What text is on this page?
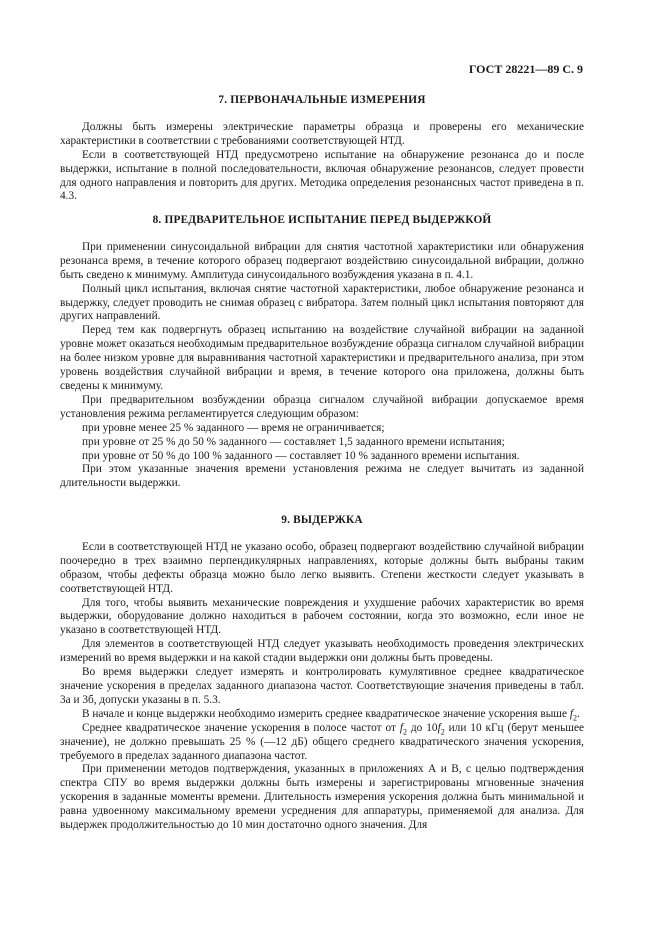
ГОСТ 28221—89 С. 9
7. ПЕРВОНАЧАЛЬНЫЕ ИЗМЕРЕНИЯ

Должны быть измерены электрические параметры образца и проверены его механические характеристики в соответствии с требованиями соответствующей НТД.

Если в соответствующей НТД предусмотрено испытание на обнаружение резонанса до и после выдержки, испытание в полной последовательности, включая обнаружение резонансов, следует провести для одного направления и повторить для других. Методика определения резонансных частот приведена в п. 4.3.

8. ПРЕДВАРИТЕЛЬНОЕ ИСПЫТАНИЕ ПЕРЕД ВЫДЕРЖКОЙ

При применении синусоидальной вибрации для снятия частотной характеристики или обнаружения резонанса время, в течение которого образец подвергают воздействию синусоидальной вибрации, должно быть сведено к минимуму. Амплитуда синусоидального возбуждения указана в п. 4.1.

Полный цикл испытания, включая снятие частотной характеристики, любое обнаружение резонанса и выдержку, следует проводить не снимая образец с вибратора. Затем полный цикл испытания повторяют для других направлений.

Перед тем как подвергнуть образец испытанию на воздействие случайной вибрации на заданной уровне может оказаться необходимым предварительное возбуждение образца сигналом случайной вибрации на более низком уровне для выравнивания частотной характеристики и предварительного анализа, при этом уровень воздействия случайной вибрации и время, в течение которого она приложена, должны быть сведены к минимуму.

При предварительном возбуждении образца сигналом случайной вибрации допускаемое время установления режима регламентируется следующим образом:

при уровне менее 25 % заданного — время не ограничивается;

при уровне от 25 % до 50 % заданного — составляет 1,5 заданного времени испытания;

при уровне от 50 % до 100 % заданного — составляет 10 % заданного времени испытания.

При этом указанные значения времени установления режима не следует вычитать из заданной длительности выдержки.

9. ВЫДЕРЖКА

Если в соответствующей НТД не указано особо, образец подвергают воздействию случайной вибрации поочередно в трех взаимно перпендикулярных направлениях, которые должны быть выбраны таким образом, чтобы дефекты образца можно было легко выявить. Степени жесткости следует указывать в соответствующей НТД.

Для того, чтобы выявить механические повреждения и ухудшение рабочих характеристик во время выдержки, оборудование должно находиться в рабочем состоянии, когда это возможно, если иное не указано в соответствующей НТД.

Для элементов в соответствующей НТД следует указывать необходимость проведения электрических измерений во время выдержки и на какой стадии выдержки они должны быть проведены.

Во время выдержки следует измерять и контролировать кумулятивное среднее квадратическое значение ускорения в пределах заданного диапазона частот. Соответствующие значения приведены в табл. 3а и 3б, допуски указаны в п. 5.3.

В начале и конце выдержки необходимо измерить среднее квадратическое значение ускорения выше $f_2$.

Среднее квадратическое значение ускорения в полосе частот от $f_2$ до $10f_2$ или 10 кГц (берут меньшее значение), не должно превышать 25 % (—12 дБ) общего среднего квадратического значения ускорения, требуемого в пределах заданного диапазона частот.

При применении методов подтверждения, указанных в приложениях А и В, с целью подтверждения спектра СПУ во время выдержки должны быть измерены и зарегистрированы мгновенные значения ускорения в заданные моменты времени. Длительность измерения ускорения должна быть минимальной и равна удвоенному максимальному времени усреднения для аппаратуры, применяемой для анализа. Для выдержек продолжительностью до 10 мин достаточно одного значения. Для
